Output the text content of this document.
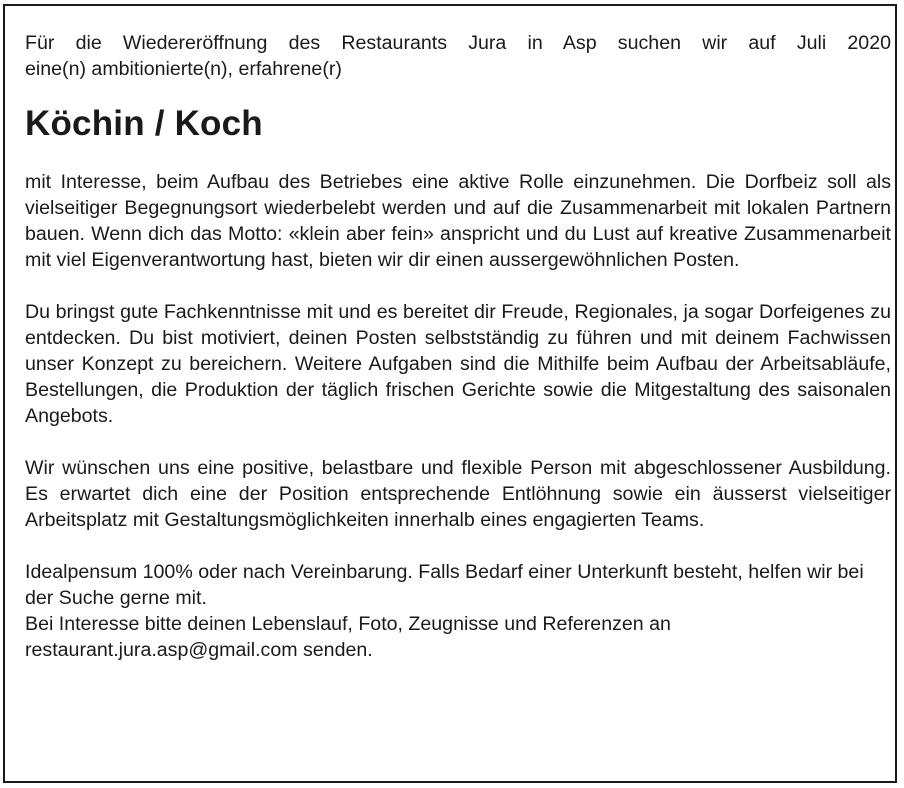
Für die Wiedereröffnung des Restaurants Jura in Asp suchen wir auf Juli 2020
eine(n) ambitionierte(n), erfahrene(r)

Köchin / Koch

mit Interesse, beim Aufbau des Betriebes eine aktive Rolle einzunehmen. Die Dorfbeiz soll als vielseitiger Begegnungsort wiederbelebt werden und auf die Zusammenarbeit mit lokalen Partnern bauen. Wenn dich das Motto: «klein aber fein» anspricht und du Lust auf kreative Zusammenarbeit mit viel Eigenverantwortung hast, bieten wir dir einen aussergewöhnlichen Posten.

Du bringst gute Fachkenntnisse mit und es bereitet dir Freude, Regionales, ja sogar Dorfeigenes zu entdecken. Du bist motiviert, deinen Posten selbstständig zu führen und mit deinem Fachwissen unser Konzept zu bereichern. Weitere Aufgaben sind die Mithilfe beim Aufbau der Arbeitsabläufe, Bestellungen, die Produktion der täglich frischen Gerichte sowie die Mitgestaltung des saisonalen Angebots.

Wir wünschen uns eine positive, belastbare und flexible Person mit abgeschlossener Ausbildung. Es erwartet dich eine der Position entsprechende Entlöhnung sowie ein äusserst vielseitiger Arbeitsplatz mit Gestaltungsmöglichkeiten innerhalb eines engagierten Teams.

Idealpensum 100% oder nach Vereinbarung. Falls Bedarf einer Unterkunft besteht, helfen wir bei der Suche gerne mit.

Bei Interesse bitte deinen Lebenslauf, Foto, Zeugnisse und Referenzen an restaurant.jura.asp@gmail.com senden.
